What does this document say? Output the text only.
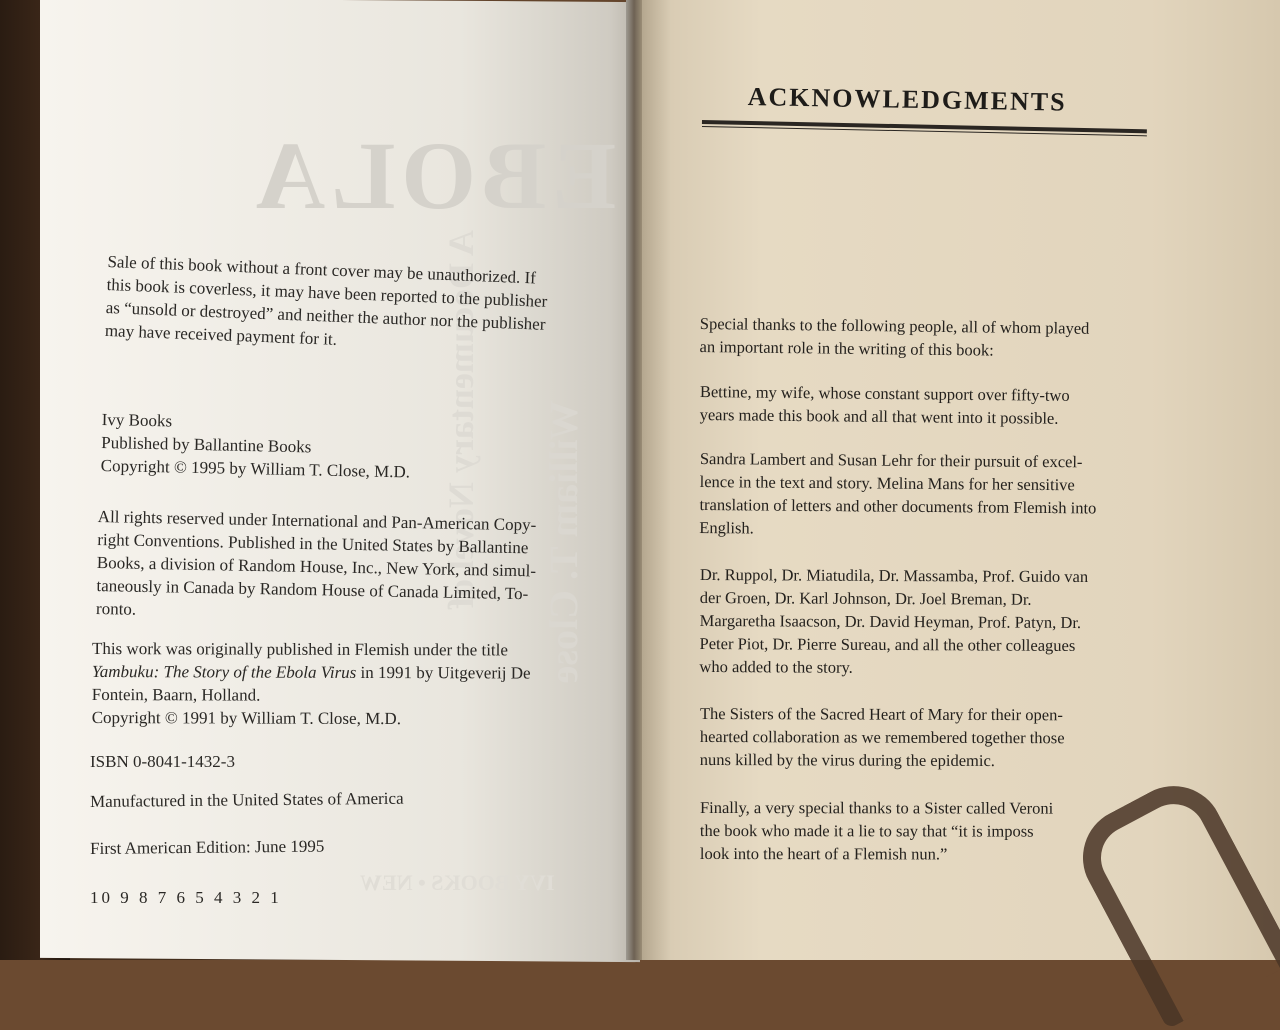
EBOLA
A Documentary Novel of William T. Close
IVY BOOKS • NEW

Sale of this book without a front cover may be unauthorized. If
this book is coverless, it may have been reported to the publisher
as “unsold or destroyed” and neither the author nor the publisher
may have received payment for it.

Ivy Books
Published by Ballantine Books
Copyright © 1995 by William T. Close, M.D.

All rights reserved under International and Pan-American Copy-
right Conventions. Published in the United States by Ballantine
Books, a division of Random House, Inc., New York, and simul-
taneously in Canada by Random House of Canada Limited, To-
ronto.

This work was originally published in Flemish under the title
Yambuku: The Story of the Ebola Virus in 1991 by Uitgeverij De
Fontein, Baarn, Holland.
Copyright © 1991 by William T. Close, M.D.

ISBN 0-8041-1432-3
Manufactured in the United States of America
First American Edition: June 1995
10 9 8 7 6 5 4 3 2 1
ACKNOWLEDGMENTS

Special thanks to the following people, all of whom played
an important role in the writing of this book:

Bettine, my wife, whose constant support over fifty-two
years made this book and all that went into it possible.

Sandra Lambert and Susan Lehr for their pursuit of excel-
lence in the text and story. Melina Mans for her sensitive
translation of letters and other documents from Flemish into
English.

Dr. Ruppol, Dr. Miatudila, Dr. Massamba, Prof. Guido van
der Groen, Dr. Karl Johnson, Dr. Joel Breman, Dr.
Margaretha Isaacson, Dr. David Heyman, Prof. Patyn, Dr.
Peter Piot, Dr. Pierre Sureau, and all the other colleagues
who added to the story.

The Sisters of the Sacred Heart of Mary for their open-
hearted collaboration as we remembered together those
nuns killed by the virus during the epidemic.

Finally, a very special thanks to a Sister called Veroni
the book who made it a lie to say that “it is imposs
look into the heart of a Flemish nun.”
